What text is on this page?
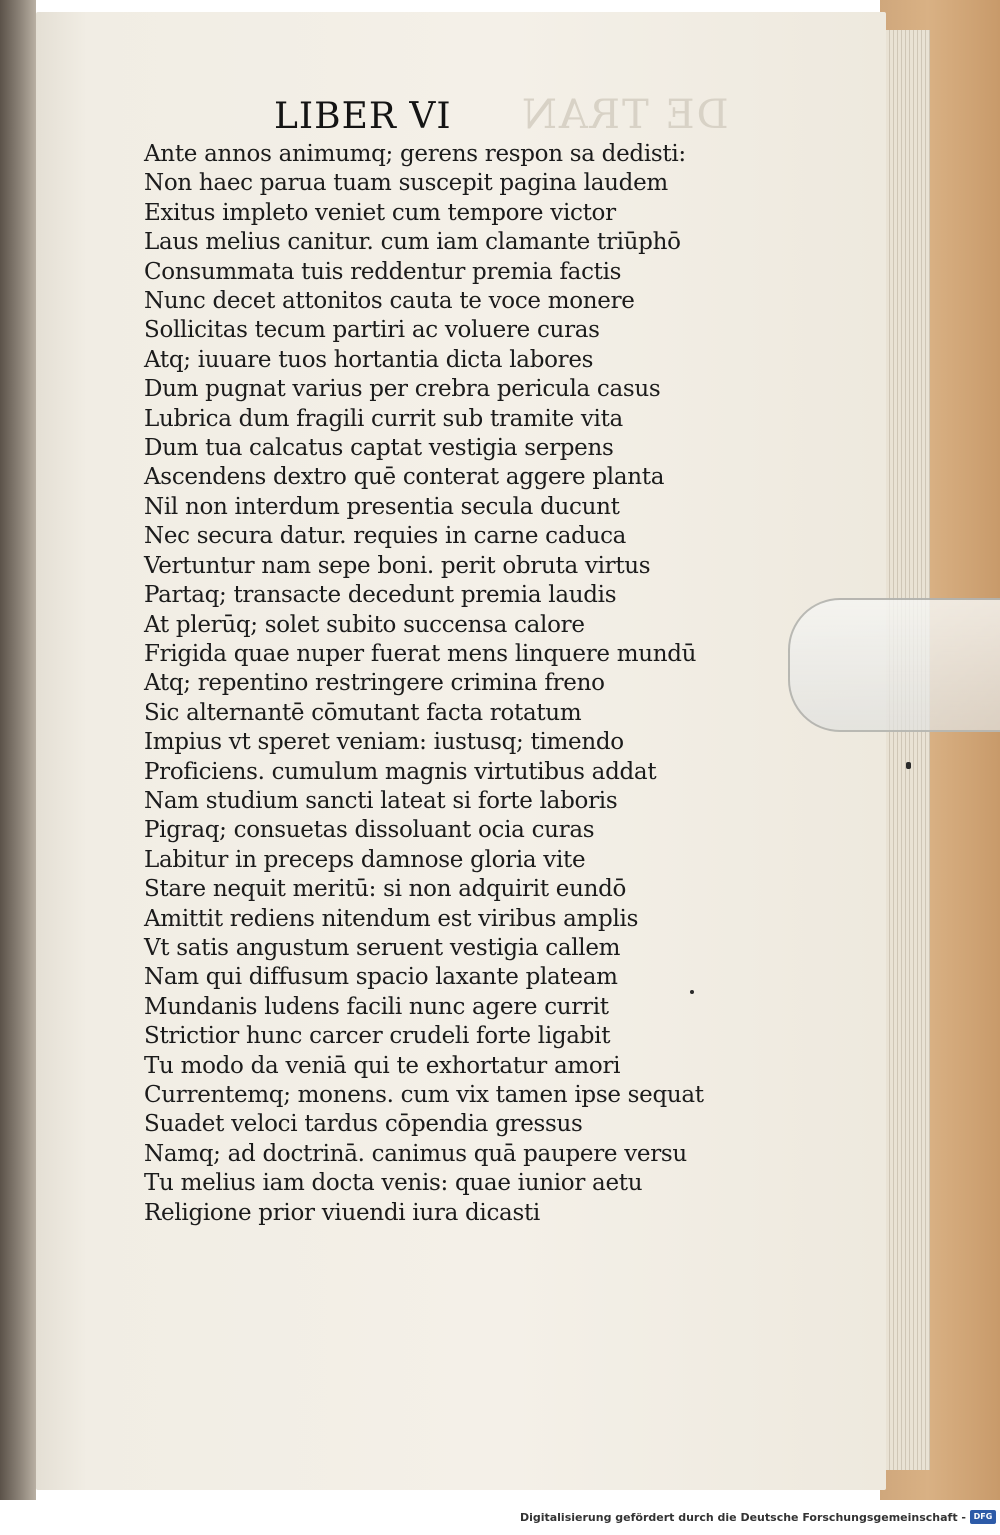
DE TRAN
LIBER VI
Ante annos animumq; gerens respon sa dedisti:
Non haec parua tuam suscepit pagina laudem
Exitus impleto veniet cum tempore victor
Laus melius canitur. cum iam clamante triūphō
Consummata tuis reddentur premia factis
Nunc decet attonitos cauta te voce monere
Sollicitas tecum partiri ac voluere curas
Atq; iuuare tuos hortantia dicta labores
Dum pugnat varius per crebra pericula casus
Lubrica dum fragili currit sub tramite vita
Dum tua calcatus captat vestigia serpens
Ascendens dextro quē conterat aggere planta
Nil non interdum presentia secula ducunt
Nec secura datur. requies in carne caduca
Vertuntur nam sepe boni. perit obruta virtus
Partaq; transacte decedunt premia laudis
At plerūq; solet subito succensa calore
Frigida quae nuper fuerat mens linquere mundū
Atq; repentino restringere crimina freno
Sic alternantē cōmutant facta rotatum
Impius vt speret veniam: iustusq; timendo
Proficiens. cumulum magnis virtutibus addat
Nam studium sancti lateat si forte laboris
Pigraq; consuetas dissoluant ocia curas
Labitur in preceps damnose gloria vite
Stare nequit meritū: si non adquirit eundō
Amittit rediens nitendum est viribus amplis
Vt satis angustum seruent vestigia callem
Nam qui diffusum spacio laxante plateam
Mundanis ludens facili nunc agere currit
Strictior hunc carcer crudeli forte ligabit
Tu modo da veniā qui te exhortatur amori
Currentemq; monens. cum vix tamen ipse sequat
Suadet veloci tardus cōpendia gressus
Namq; ad doctrinā. canimus quā paupere versu
Tu melius iam docta venis: quae iunior aetu
Religione prior viuendi iura dicasti
Digitalisierung gefördert durch die Deutsche Forschungsgemeinschaft - DFG
